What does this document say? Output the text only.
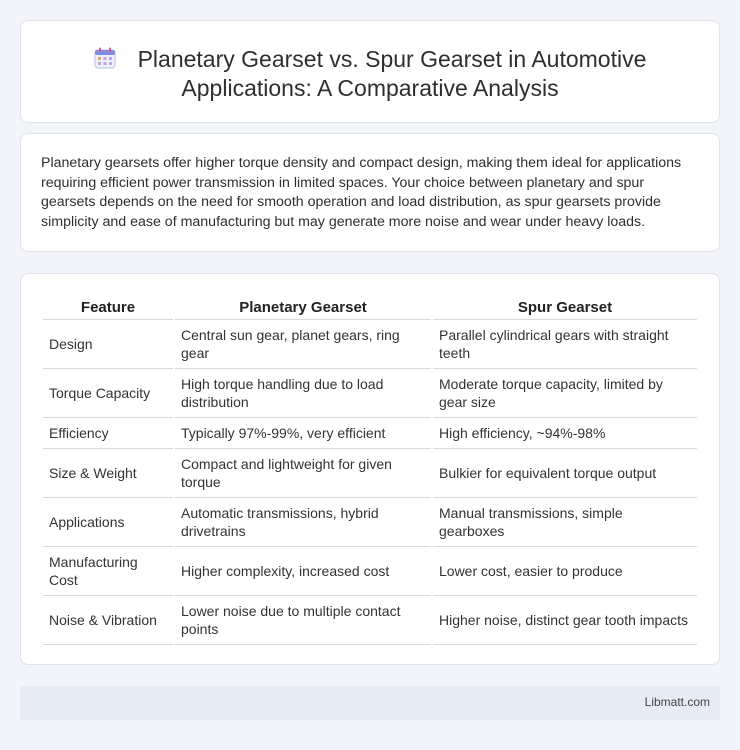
Planetary Gearset vs. Spur Gearset in Automotive
Applications: A Comparative Analysis

Planetary gearsets offer higher torque density and compact design, making them ideal for applications requiring efficient power transmission in limited spaces. Your choice between planetary and spur gearsets depends on the need for smooth operation and load distribution, as spur gearsets provide simplicity and ease of manufacturing but may generate more noise and wear under heavy loads.

Feature	Planetary Gearset	Spur Gearset
Design	Central sun gear, planet gears, ring gear	Parallel cylindrical gears with straight teeth
Torque Capacity	High torque handling due to load distribution	Moderate torque capacity, limited by gear size
Efficiency	Typically 97%-99%, very efficient	High efficiency, ~94%-98%
Size & Weight	Compact and lightweight for given torque	Bulkier for equivalent torque output
Applications	Automatic transmissions, hybrid drivetrains	Manual transmissions, simple gearboxes
Manufacturing Cost	Higher complexity, increased cost	Lower cost, easier to produce
Noise & Vibration	Lower noise due to multiple contact points	Higher noise, distinct gear tooth impacts
Libmatt.com
